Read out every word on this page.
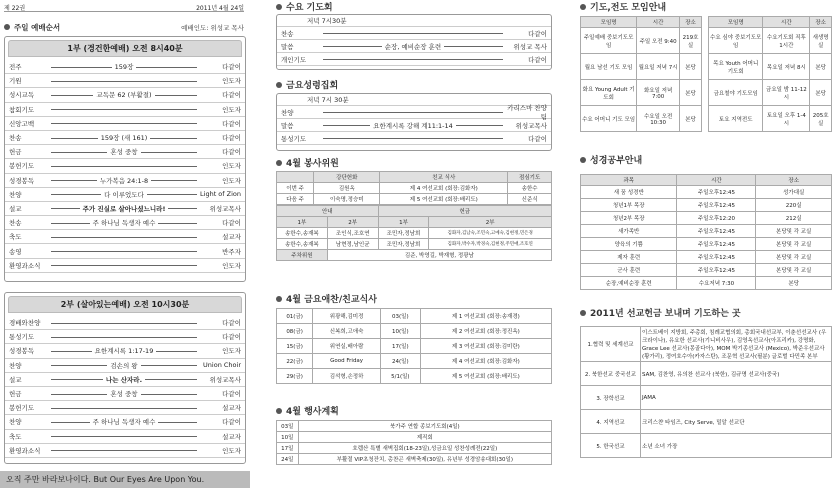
제 22권	2011년 4월 24일
주일 예배순서	예배인도: 위성교 목사
1부 (경건한예배) 오전 8시40분
전주	159장	다같이
기원	인도자
성시교독	교독문 62 (부활절)	다같이
참회기도	인도자
신앙고백	다같이
찬송	159장 (새 161)	다같이
헌금	혼성 중창	다같이
봉헌기도	인도자
성경봉독	누가복음 24:1-8	인도자
찬양	다 이루었도다	Light of Zion
설교	주가 진실로 살아나셨느니라!	위성교목사
찬송	주 하나님 독생자 예수	다같이
축도	설교자
송영	반주자
환영과소식	인도자
2부 (살아있는예배) 오전 10시30분
경배와찬양	다같이
통성기도	다같이
성경봉독	요한계시록 1:17-19	인도자
찬양	검손의 왕	Union Choir
설교	나는 산자라.	위성교목사
헌금	혼성 중창	다같이
봉헌기도	설교자
찬양	주 하나님 독생자 예수	다같이
축도	설교자
환영과소식	인도자
오직 주만 바라보나이다. But Our Eyes Are Upon You.
수요 기도회
저녁 7시30분
찬송	다같이
말씀	순장, 예비순장 훈련	위성교 목사
개인기도	다같이
금요성령집회
저녁 7시 30분
찬양
카리스마 찬양팀
말씀	요한계시록 강해 계11:1-14	위성교목사
통성기도	다같이
4월 봉사위원
	강단헌화	친교 식사	점심기도
이번 주	김원옥	제 4 여선교회 (회장:김화자)	송한수
다음 주	이숙명,정승미	제 5 여선교회 (회장:배리도)	신준식
안내		헌금	
1부	2부	1부	2부
송한수,송재복	조인식,조호연	조민자,정남희	김화자,김남숙,조민숙,고예숙,김현정,민은경
송한수,송재복	남현정,남인균	조민자,정남희	김화자,박수자,박경숙,김현정,주민애,조호연
주차위원	김준, 박영길, 박재형, 정광남		
4월 금요애찬/친교식사
01(금)	위광해,김미정	03(일)	제 1 여선교회 (회장:송재경)
08(금)	신복희,고애숙	10(일)	제 2 여선교회 (회장:정진옥)
15(금)	위연실,배아람	17(일)	제 3 여선교회 (회장:김미란)
22(금)	Good Friday	24(일)	제 4 여선교회 (회장:김화자)
29(금)	김석형,손정하	5/1(일)	제 5 여선교회 (회장:배리도)
4월 행사계획
03일	북가주 연합 종보기도회(4일)
10일	제직회
17일	호렙산 특별 새벽집회(18-23일),성금요일 성찬성례전(22일)
24일	부활절 VIP초청잔치, 총찬곤 새벽축제(30일), 유년부 성경암송대회(30일)
기도,전도 모임안내
모임명	시간	장소
주일예배 중보기도모임	주일 오전 9:40	219호실
월요 남선 기도 모임	월요일 저녁 7시	본당
화요 Young Adult 기도회	화요일 저녁7:00	본당
수요 어머니 기도 모임	수요일 오전 10:30	본당
모임명	시간	장소
수요 심야 중보기도모임	수요기도회 직후 1시간	새생명실
목요 Youth 어머니 기도회	목요일 저녁 8시	본당
금요철야 기도모임	금요일 밤 11-12시	본당
토요 지역전도	토요일 오후 1-4시	205호실
성경공부안내
과목	시간	장소
새 꿈 성경반	주일오후12:45	성가대실
청년1부 목장	주일오후12:45	220실
청년2부 목장	주일오후12:20	212실
새가족반	주일오후12:45	본당및 각 교실
양육의 기쁨	주일오후12:45	본당및 각 교실
제자 훈련	주일오후12:45	본당및 각 교실
군사 훈련	주일오후12:45	본당및 각 교실
순장,예비순장 훈련	수요저녁 7:30	본당
2011년 선교헌금 보내며 기도하는 곳
1.협력 및 세계선교	이스트베이 지방회, 주총회, 침례교협의회, 총회국내선교부, 이춘선선교사 (우크라이나), 유요한 선교사(기니비사우), 김영옥선교사(아프리카), 강명화, Grace Lee 선교사(몽골다아), MOM 박기종선교사 (Mexico), 박준우선교사 (황가리), 정여호수아(카자스탄), 조문혁 선교사(필분) 글로벌 다민족 본부
2. 북한선교 중국선교	SAM, 김찬영, 유의찬 선교사 (북한), 김규명 선교사(중국)
3. 장학선교	JAMA
4. 지역선교	크리스챤 타임즈, City Serve, 밀알 선교단
5. 한국선교	소년 소녀 가장
